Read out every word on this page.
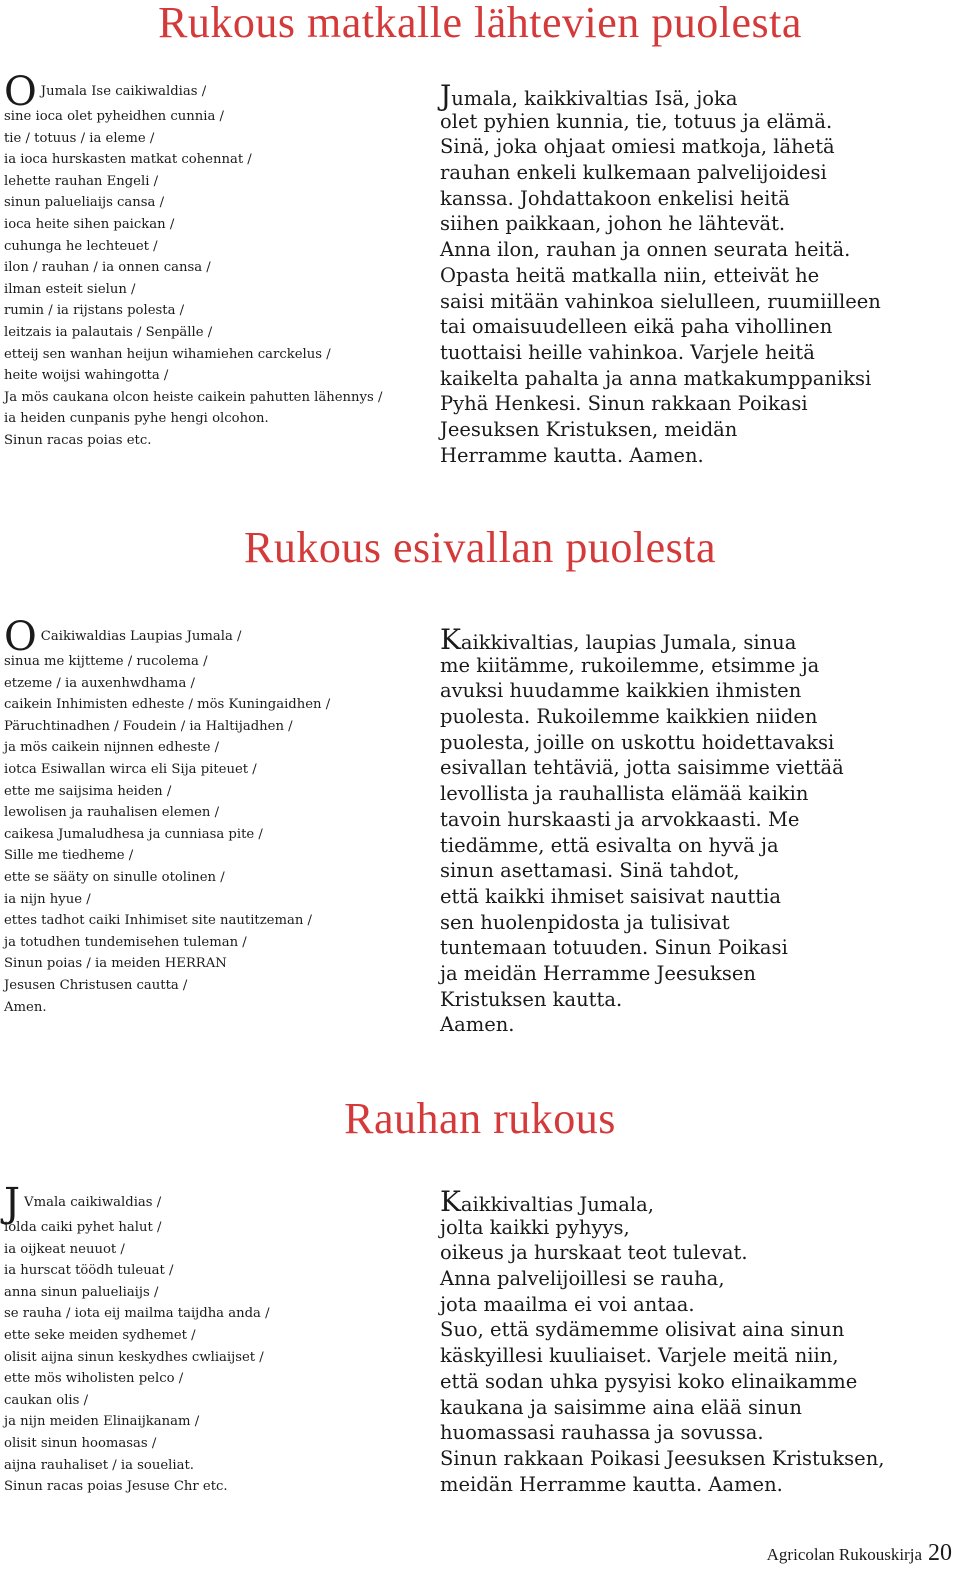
Rukous matkalle lähtevien puolesta
O Jumala Ise caikiwaldias /
sine ioca olet pyheidhen cunnia /
tie / totuus / ia eleme /
ia ioca hurskasten matkat cohennat /
lehette rauhan Engeli /
sinun palueliaijs cansa /
ioca heite sihen paickan /
cuhunga he lechteuet /
ilon / rauhan / ia onnen cansa /
ilman esteit sielun /
rumin / ia rijstans polesta /
leitzais ia palautais / Senpälle /
etteij sen wanhan heijun wihamiehen carckelus /
heite woijsi wahingotta /
Ja mös caukana olcon heiste caikein pahutten lähennys /
ia heiden cunpanis pyhe hengi olcohon.
Sinun racas poias etc.
Jumala, kaikkivaltias Isä, joka
olet pyhien kunnia, tie, totuus ja elämä.
Sinä, joka ohjaat omiesi matkoja, lähetä
rauhan enkeli kulkemaan palvelijoidesi
kanssa. Johdattakoon enkelisi heitä
siihen paikkaan, johon he lähtevät.
Anna ilon, rauhan ja onnen seurata heitä.
Opasta heitä matkalla niin, etteivät he
saisi mitään vahinkoa sielulleen, ruumiilleen
tai omaisuudelleen eikä paha vihollinen
tuottaisi heille vahinkoa. Varjele heitä
kaikelta pahalta ja anna matkakumppaniksi
Pyhä Henkesi. Sinun rakkaan Poikasi
Jeesuksen Kristuksen, meidän
Herramme kautta. Aamen.
Rukous esivallan puolesta
O Caikiwaldias Laupias Jumala /
sinua me kijtteme / rucolema /
etzeme / ia auxenhwdhama /
caikein Inhimisten edheste / mös Kuningaidhen /
Päruchtinadhen / Foudein / ia Haltijadhen /
ja mös caikein nijnnen edheste /
iotca Esiwallan wirca eli Sija piteuet /
ette me saijsima heiden /
lewolisen ja rauhalisen elemen /
caikesa Jumaludhesa ja cunniasa pite /
Sille me tiedheme /
ette se sääty on sinulle otolinen /
ia nijn hyue /
ettes tadhot caiki Inhimiset site nautitzeman /
ja totudhen tundemisehen tuleman /
Sinun poias / ia meiden HERRAN
Jesusen Christusen cautta /
Amen.
Kaikkivaltias, laupias Jumala, sinua
me kiitämme, rukoilemme, etsimme ja
avuksi huudamme kaikkien ihmisten
puolesta. Rukoilemme kaikkien niiden
puolesta, joille on uskottu hoidettavaksi
esivallan tehtäviä, jotta saisimme viettää
levollista ja rauhallista elämää kaikin
tavoin hurskaasti ja arvokkaasti. Me
tiedämme, että esivalta on hyvä ja
sinun asettamasi. Sinä tahdot,
että kaikki ihmiset saisivat nauttia
sen huolenpidosta ja tulisivat
tuntemaan totuuden. Sinun Poikasi
ja meidän Herramme Jeesuksen
Kristuksen kautta.
Aamen.
Rauhan rukous
J Vmala caikiwaldias /
iolda caiki pyhet halut /
ia oijkeat neuuot /
ia hurscat töödh tuleuat /
anna sinun palueliaijs /
se rauha / iota eij mailma taijdha anda /
ette seke meiden sydhemet /
olisit aijna sinun keskydhes cwliaijset /
ette mös wiholisten pelco /
caukan olis /
ja nijn meiden Elinaijkanam /
olisit sinun hoomasas /
aijna rauhaliset / ia soueliat.
Sinun racas poias Jesuse Chr etc.
Kaikkivaltias Jumala,
jolta kaikki pyhyys,
oikeus ja hurskaat teot tulevat.
Anna palvelijoillesi se rauha,
jota maailma ei voi antaa.
Suo, että sydämemme olisivat aina sinun
käskyillesi kuuliaiset. Varjele meitä niin,
että sodan uhka pysyisi koko elinaikamme
kaukana ja saisimme aina elää sinun
huomassasi rauhassa ja sovussa.
Sinun rakkaan Poikasi Jeesuksen Kristuksen,
meidän Herramme kautta. Aamen.
Agricolan Rukouskirja 20
